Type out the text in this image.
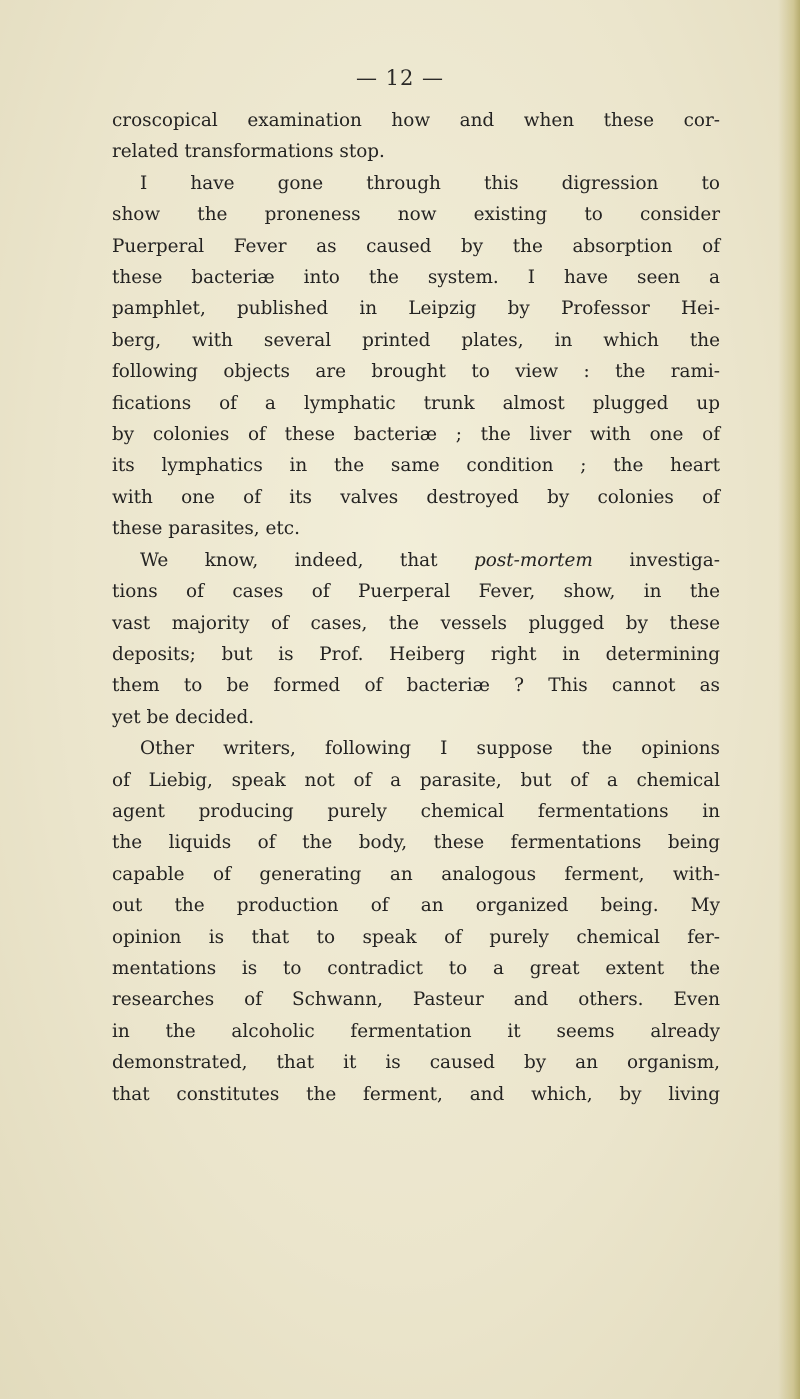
— 12 —

croscopical examination how and when these cor-

related transformations stop.

I have gone through this digression to

show the proneness now existing to consider

Puerperal Fever as caused by the absorption of

these bacteriæ into the system. I have seen a

pamphlet, published in Leipzig by Professor Hei-

berg, with several printed plates, in which the

following objects are brought to view : the rami-

fications of a lymphatic trunk almost plugged up

by colonies of these bacteriæ ; the liver with one of

its lymphatics in the same condition ; the heart

with one of its valves destroyed by colonies of

these parasites, etc.

We know, indeed, that post-mortem investiga-

tions of cases of Puerperal Fever, show, in the

vast majority of cases, the vessels plugged by these

deposits; but is Prof. Heiberg right in determining

them to be formed of bacteriæ ? This cannot as

yet be decided.

Other writers, following I suppose the opinions

of Liebig, speak not of a parasite, but of a chemical

agent producing purely chemical fermentations in

the liquids of the body, these fermentations being

capable of generating an analogous ferment, with-

out the production of an organized being. My

opinion is that to speak of purely chemical fer-

mentations is to contradict to a great extent the

researches of Schwann, Pasteur and others. Even

in the alcoholic fermentation it seems already

demonstrated, that it is caused by an organism,

that constitutes the ferment, and which, by living
